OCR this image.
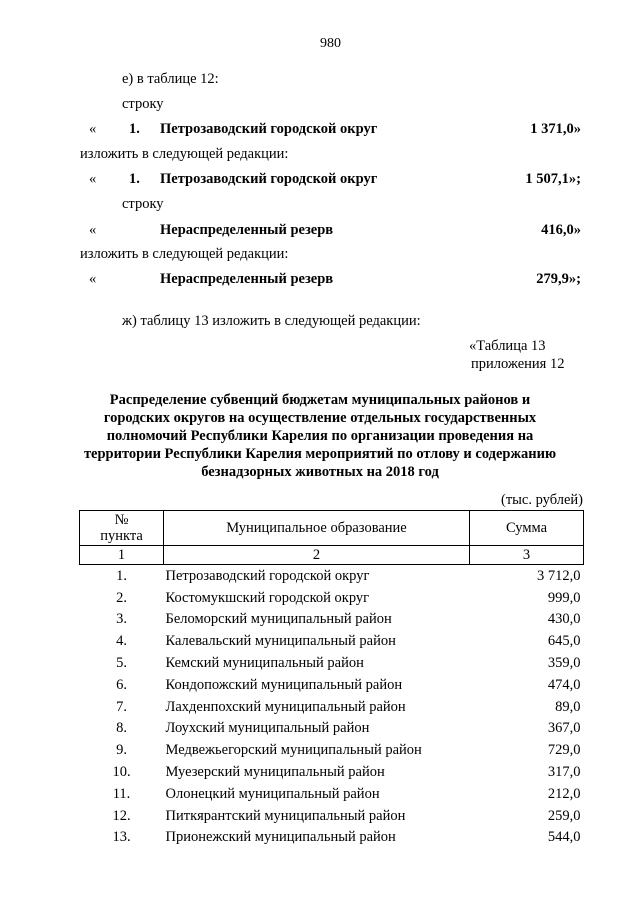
980
е) в таблице 12:
строку
« 1. Петрозаводский городской округ	1 371,0»
изложить в следующей редакции:
« 1. Петрозаводский городской округ	1 507,1»;
строку
«	Нераспределенный резерв	416,0»
изложить в следующей редакции:
«	Нераспределенный резерв	279,9»;
ж) таблицу 13 изложить в следующей редакции:
«Таблица 13
приложения 12
Распределение субвенций бюджетам муниципальных районов и
городских округов на осуществление отдельных государственных
полномочий Республики Карелия по организации проведения на
территории Республики Карелия мероприятий по отлову и содержанию
безнадзорных животных на 2018 год
(тыс. рублей)
№
пункта	Муниципальное образование	Сумма
1	2	3
1.	Петрозаводский городской округ	3 712,0
2.	Костомукшский городской округ	999,0
3.	Беломорский муниципальный район	430,0
4.	Калевальский муниципальный район	645,0
5.	Кемский муниципальный район	359,0
6.	Кондопожский муниципальный район	474,0
7.	Лахденпохский муниципальный район	89,0
8.	Лоухский муниципальный район	367,0
9.	Медвежьегорский муниципальный район	729,0
10.	Муезерский муниципальный район	317,0
11.	Олонецкий муниципальный район	212,0
12.	Питкярантский муниципальный район	259,0
13.	Прионежский муниципальный район	544,0
